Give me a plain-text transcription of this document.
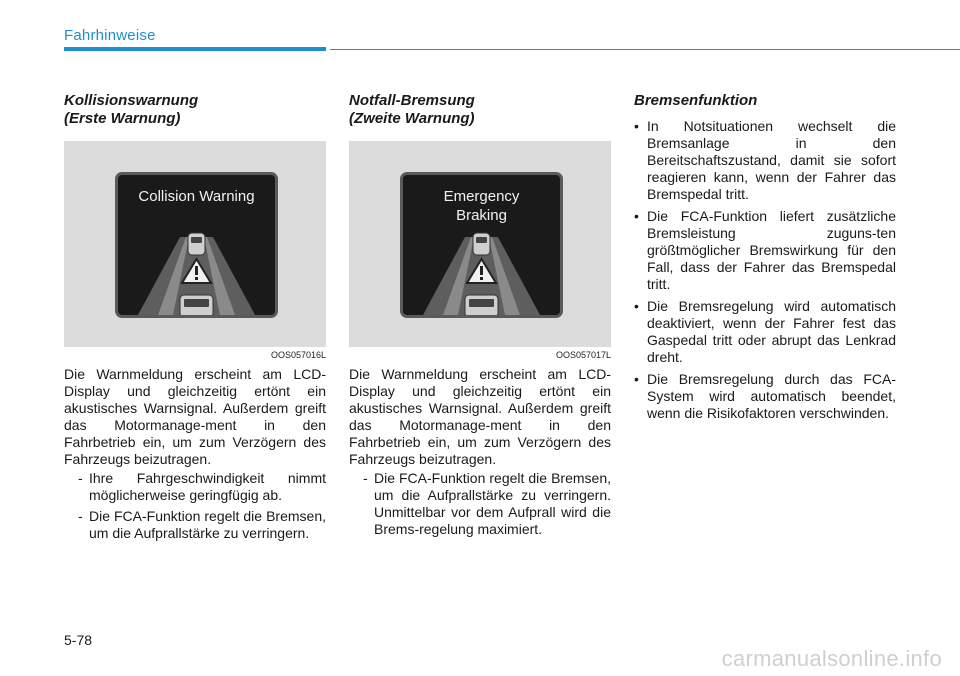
Fahrhinweise
Kollisionswarnung
(Erste Warnung)
Collision Warning
OOS057016L

Die Warnmeldung erscheint am LCD-Display und gleichzeitig ertönt ein akustisches Warnsignal. Außerdem greift das Motormanage-ment in den Fahrbetrieb ein, um zum Verzögern des Fahrzeugs beizutragen.

- Ihre Fahrgeschwindigkeit nimmt möglicherweise geringfügig ab.
- Die FCA-Funktion regelt die Bremsen, um die Aufprallstärke zu verringern.
Notfall-Bremsung
(Zweite Warnung)
Emergency
Braking
OOS057017L

Die Warnmeldung erscheint am LCD-Display und gleichzeitig ertönt ein akustisches Warnsignal. Außerdem greift das Motormanage-ment in den Fahrbetrieb ein, um zum Verzögern des Fahrzeugs beizutragen.

- Die FCA-Funktion regelt die Bremsen, um die Aufprallstärke zu verringern. Unmittelbar vor dem Aufprall wird die Brems-regelung maximiert.
Bremsenfunktion
• In Notsituationen wechselt die Bremsanlage in den Bereitschaftszustand, damit sie sofort reagieren kann, wenn der Fahrer das Bremspedal tritt.
• Die FCA-Funktion liefert zusätzliche Bremsleistung zuguns-ten größtmöglicher Bremswirkung für den Fall, dass der Fahrer das Bremspedal tritt.
• Die Bremsregelung wird automatisch deaktiviert, wenn der Fahrer fest das Gaspedal tritt oder abrupt das Lenkrad dreht.
• Die Bremsregelung durch das FCA-System wird automatisch beendet, wenn die Risikofaktoren verschwinden.
5-78
carmanualsonline.info
